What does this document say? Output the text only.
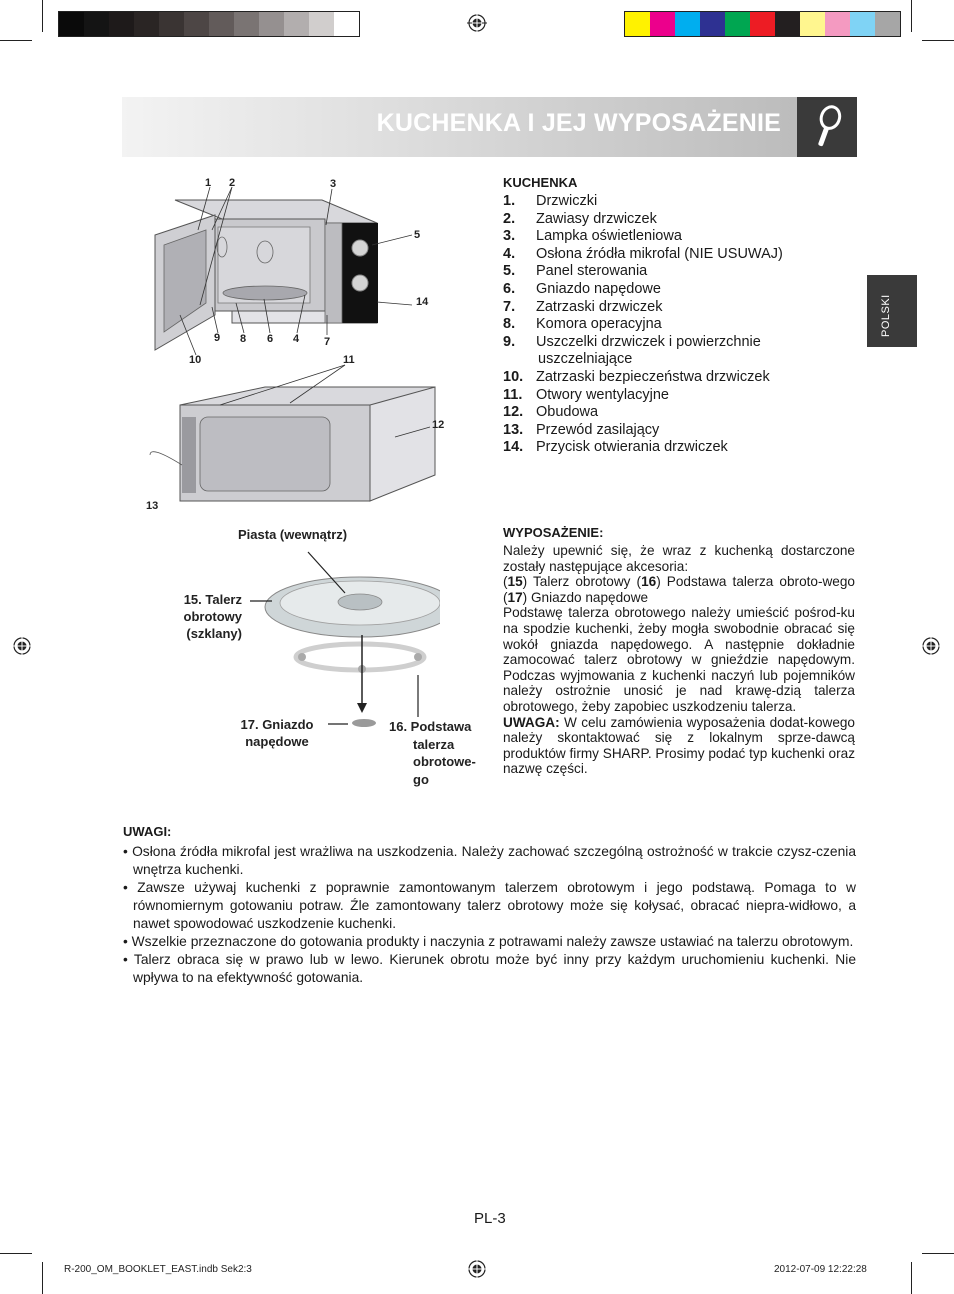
KUCHENKA I JEJ WYPOSAŻENIE
POLSKI
1 2	3
5
14
9 8 6 4 7
10	11
12
13
KUCHENKA
1. Drzwiczki
2. Zawiasy drzwiczek
3. Lampka oświetleniowa
4. Osłona źródła mikrofal (NIE USUWAJ)
5. Panel sterowania
6. Gniazdo napędowe
7. Zatrzaski drzwiczek
8. Komora operacyjna
9. Uszczelki drzwiczek i powierzchnie
uszczelniające
10. Zatrzaski bezpieczeństwa drzwiczek
11. Otwory wentylacyjne
12. Obudowa
13. Przewód zasilający
14. Przycisk otwierania drzwiczek
Piasta (wewnątrz)
15. Talerz
obrotowy
(szklany)
17. Gniazdo
napędowe
16. Podstawa
talerza
obrotowe-
go
WYPOSAŻENIE:

Należy upewnić się, że wraz z kuchenką dostarczone zostały następujące akcesoria:

(15) Talerz obrotowy (16) Podstawa talerza obroto-wego (17) Gniazdo napędowe

Podstawę talerza obrotowego należy umieścić pośrod-ku na spodzie kuchenki, żeby mogła swobodnie obracać się wokół gniazda napędowego. A następnie dokładnie zamocować talerz obrotowy w gnieździe napędowym. Podczas wyjmowania z kuchenki naczyń lub pojemników należy ostrożnie unosić je nad krawę-dzią talerza obrotowego, żeby zapobiec uszkodzeniu talerza.

UWAGA: W celu zamówienia wyposażenia dodat-kowego należy skontaktować się z lokalnym sprze-dawcą produktów firmy SHARP. Prosimy podać typ kuchenki oraz nazwę części.

UWAGI:
• Osłona źródła mikrofal jest wrażliwa na uszkodzenia. Należy zachować szczególną ostrożność w trakcie czysz-czenia wnętrza kuchenki.
• Zawsze używaj kuchenki z poprawnie zamontowanym talerzem obrotowym i jego podstawą. Pomaga to w równomiernym gotowaniu potraw. Źle zamontowany talerz obrotowy może się kołysać, obracać niepra-widłowo, a nawet spowodować uszkodzenie kuchenki.
• Wszelkie przeznaczone do gotowania produkty i naczynia z potrawami należy zawsze ustawiać na talerzu obrotowym.
• Talerz obraca się w prawo lub w lewo. Kierunek obrotu może być inny przy każdym uruchomieniu kuchenki. Nie wpływa to na efektywność gotowania.
PL-3
R-200_OM_BOOKLET_EAST.indb Sek2:3	2012-07-09 12:22:28
